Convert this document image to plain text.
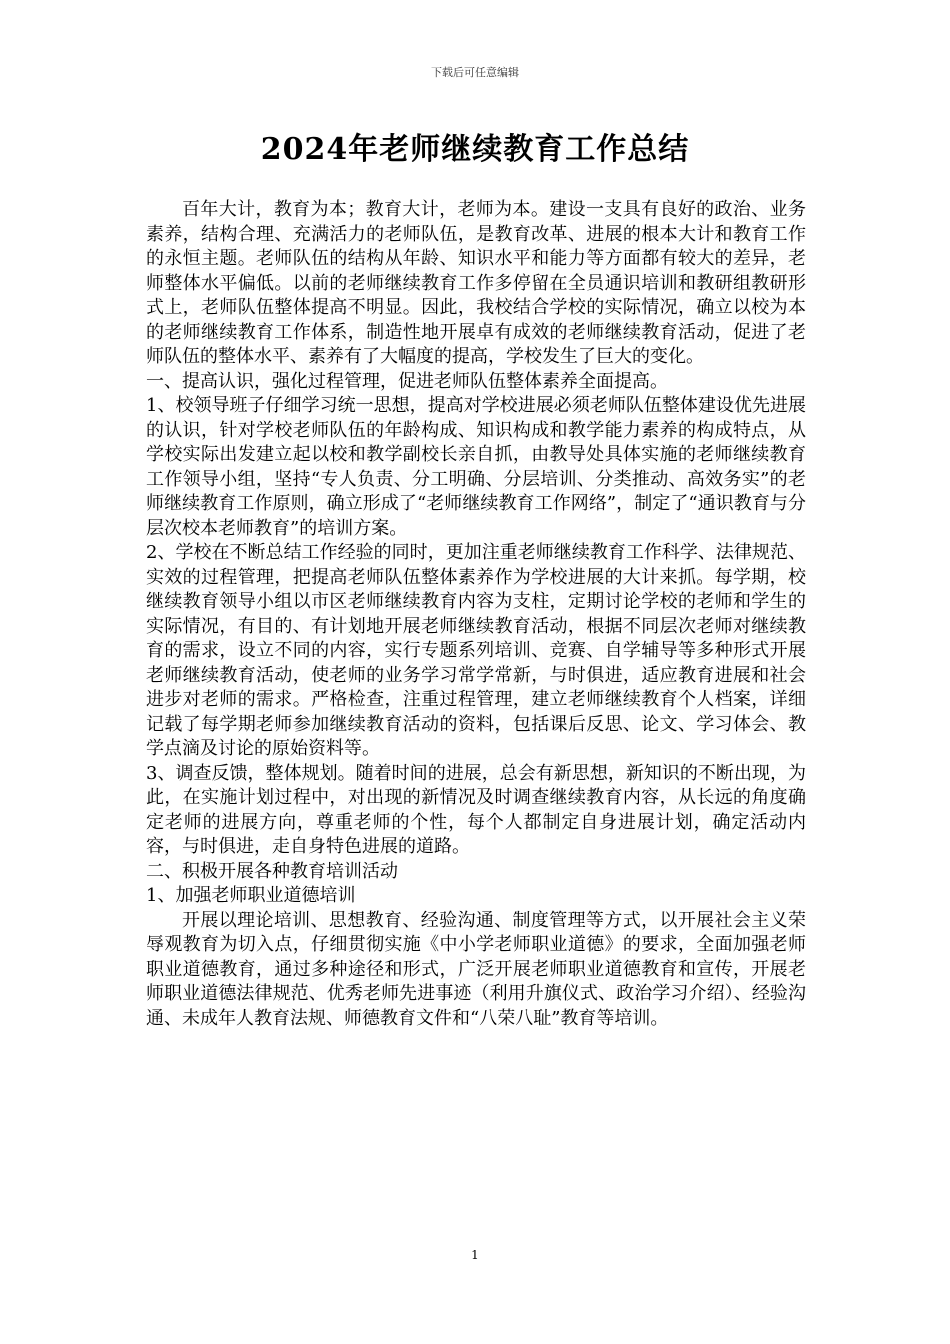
下载后可任意编辑
2024年老师继续教育工作总结

百年大计，教育为本；教育大计，老师为本。建设一支具有良好的政治、业务素养，结构合理、充满活力的老师队伍，是教育改革、进展的根本大计和教育工作的永恒主题。老师队伍的结构从年龄、知识水平和能力等方面都有较大的差异，老师整体水平偏低。以前的老师继续教育工作多停留在全员通识培训和教研组教研形式上，老师队伍整体提高不明显。因此，我校结合学校的实际情况，确立以校为本的老师继续教育工作体系，制造性地开展卓有成效的老师继续教育活动，促进了老师队伍的整体水平、素养有了大幅度的提高，学校发生了巨大的变化。

一、提高认识，强化过程管理，促进老师队伍整体素养全面提高。

1、校领导班子仔细学习统一思想，提高对学校进展必须老师队伍整体建设优先进展的认识，针对学校老师队伍的年龄构成、知识构成和教学能力素养的构成特点，从学校实际出发建立起以校和教学副校长亲自抓，由教导处具体实施的老师继续教育工作领导小组，坚持“专人负责、分工明确、分层培训、分类推动、高效务实”的老师继续教育工作原则，确立形成了“老师继续教育工作网络”，制定了“通识教育与分层次校本老师教育”的培训方案。

2、学校在不断总结工作经验的同时，更加注重老师继续教育工作科学、法律规范、实效的过程管理，把提高老师队伍整体素养作为学校进展的大计来抓。每学期，校继续教育领导小组以市区老师继续教育内容为支柱，定期讨论学校的老师和学生的实际情况，有目的、有计划地开展老师继续教育活动，根据不同层次老师对继续教育的需求，设立不同的内容，实行专题系列培训、竞赛、自学辅导等多种形式开展老师继续教育活动，使老师的业务学习常学常新，与时俱进，适应教育进展和社会进步对老师的需求。严格检查，注重过程管理，建立老师继续教育个人档案，详细记载了每学期老师参加继续教育活动的资料，包括课后反思、论文、学习体会、教学点滴及讨论的原始资料等。

3、调查反馈，整体规划。随着时间的进展，总会有新思想，新知识的不断出现，为此，在实施计划过程中，对出现的新情况及时调查继续教育内容，从长远的角度确定老师的进展方向，尊重老师的个性，每个人都制定自身进展计划，确定活动内容，与时俱进，走自身特色进展的道路。

二、积极开展各种教育培训活动

1、加强老师职业道德培训

开展以理论培训、思想教育、经验沟通、制度管理等方式，以开展社会主义荣辱观教育为切入点，仔细贯彻实施《中小学老师职业道德》的要求，全面加强老师职业道德教育，通过多种途径和形式，广泛开展老师职业道德教育和宣传，开展老师职业道德法律规范、优秀老师先进事迹（利用升旗仪式、政治学习介绍）、经验沟通、未成年人教育法规、师德教育文件和“八荣八耻”教育等培训。

1
